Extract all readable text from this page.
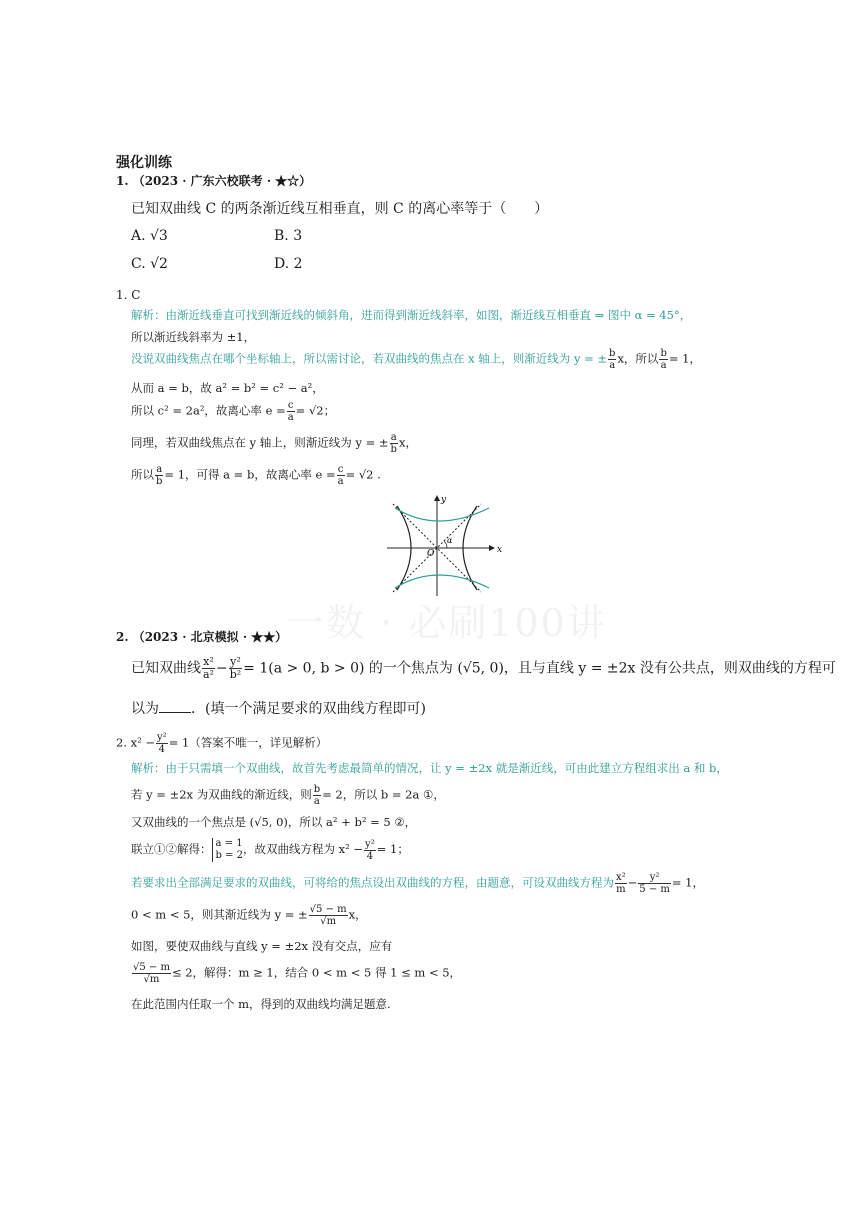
一数 · 必刷100讲
强化训练
1. （2023 · 广东六校联考 · ★☆）
已知双曲线 C 的两条渐近线互相垂直，则 C 的离心率等于（　　）
A. √3	B. 3
C. √2	D. 2
1. C
解析：由渐近线垂直可找到渐近线的倾斜角，进而得到渐近线斜率，如图，渐近线互相垂直 ⇒ 图中 α = 45°，
所以渐近线斜率为 ±1，
没说双曲线焦点在哪个坐标轴上，所以需讨论，若双曲线的焦点在 x 轴上，则渐近线为 y = ± $\frac{b}{a}$ x，所以 $\frac{b}{a} = 1$，
从而 a = b，故 a² = b² = c² − a²，
所以 c² = 2a²，故离心率 $e = \frac{c}{a} = √2$；
同理，若双曲线焦点在 y 轴上，则渐近线为 y = ± $\frac{a}{b}$ x，
所以 $\frac{a}{b} = 1$，可得 a = b，故离心率 $e = \frac{c}{a} = √2$ .
x
y
O
α
2. （2023 · 北京模拟 · ★★）
已知双曲线 $\frac{\text{x²}}{\text{a²}} - \frac{\text{y²}}{\text{b²}} = 1(a > 0$, b > 0) 的一个焦点为 (√5, 0)，且与直线 y = ±2x 没有公共点，则双曲线的方程可
以为 ．(填一个满足要求的双曲线方程即可)
2. $x^2 - \frac{\text{y²}}{4} = 1$（答案不唯一，详见解析）
解析：由于只需填一个双曲线，故首先考虑最简单的情况，让 y = ±2x 就是渐近线，可由此建立方程组求出 a 和 b，
若 y = ±2x 为双曲线的渐近线，则 $\frac{b}{a} = 2$，所以 b = 2a ①，
又双曲线的一个焦点是 (√5, 0)，所以 a² + b² = 5 ②，
联立①②解得： a = 1
b = 2 ，故双曲线方程为 $x^2 - \frac{\text{y²}}{4} = 1$；
若要求出全部满足要求的双曲线，可将给的焦点设出双曲线的方程，由题意，可设双曲线方程为 $\frac{\text{x²}}{m} - \frac{\text{y²}}{5 - m} = 1$，
0 < m < 5，则其渐近线为 y = ± $\frac{√5 - m}{√m}$ x，
如图，要使双曲线与直线 y = ±2x 没有交点，应有
$\frac{√5 - m}{√m} \le 2$，解得：m ≥ 1，结合 0 < m < 5 得 1 ≤ m < 5，
在此范围内任取一个 m，得到的双曲线均满足题意.
